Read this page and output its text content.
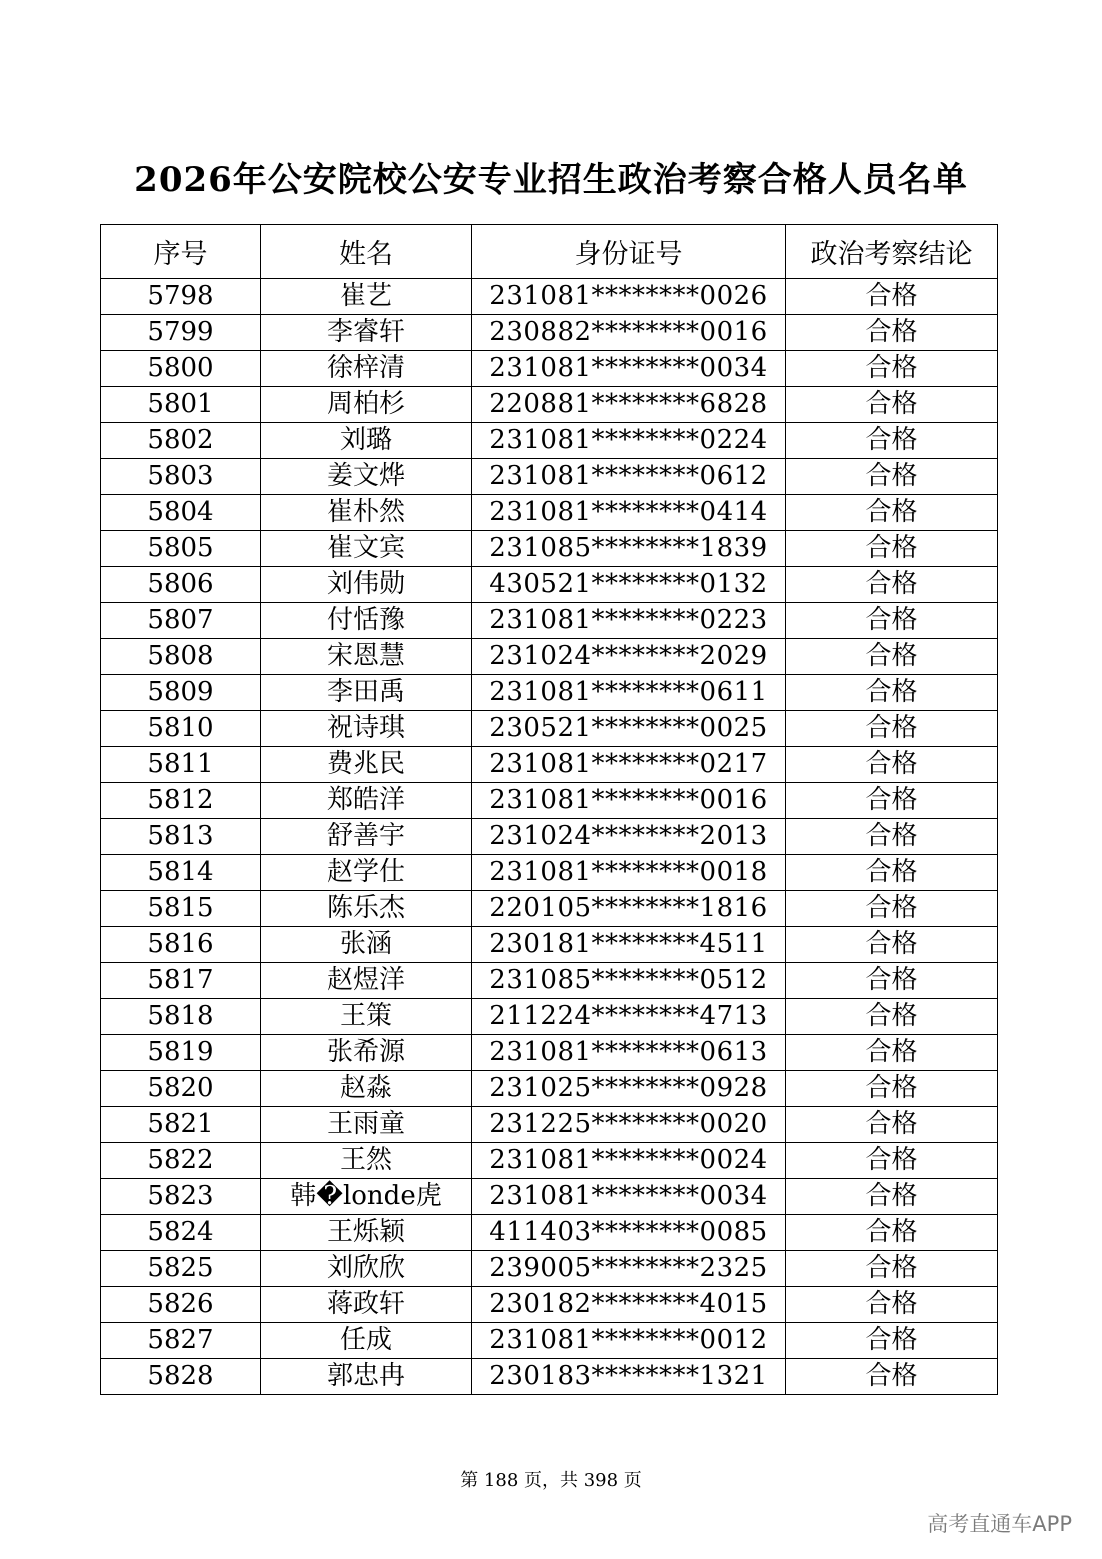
2026年公安院校公安专业招生政治考察合格人员名单
序号	姓名	身份证号	政治考察结论
5798	崔艺	231081********0026	合格
5799	李睿轩	230882********0016	合格
5800	徐梓清	231081********0034	合格
5801	周柏杉	220881********6828	合格
5802	刘璐	231081********0224	合格
5803	姜文烨	231081********0612	合格
5804	崔朴然	231081********0414	合格
5805	崔文宾	231085********1839	合格
5806	刘伟勋	430521********0132	合格
5807	付恬豫	231081********0223	合格
5808	宋恩慧	231024********2029	合格
5809	李田禹	231081********0611	合格
5810	祝诗琪	230521********0025	合格
5811	费兆民	231081********0217	合格
5812	郑皓洋	231081********0016	合格
5813	舒善宇	231024********2013	合格
5814	赵学仕	231081********0018	合格
5815	陈乐杰	220105********1816	合格
5816	张涵	230181********4511	合格
5817	赵煜洋	231085********0512	合格
5818	王策	211224********4713	合格
5819	张希源	231081********0613	合格
5820	赵淼	231025********0928	合格
5821	王雨童	231225********0020	合格
5822	王然	231081********0024	合格
5823	韩�londe虎	231081********0034	合格
5824	王烁颖	411403********0085	合格
5825	刘欣欣	239005********2325	合格
5826	蒋政轩	230182********4015	合格
5827	任成	231081********0012	合格
5828	郭忠冉	230183********1321	合格
第 188 页，共 398 页
高考直通车APP
